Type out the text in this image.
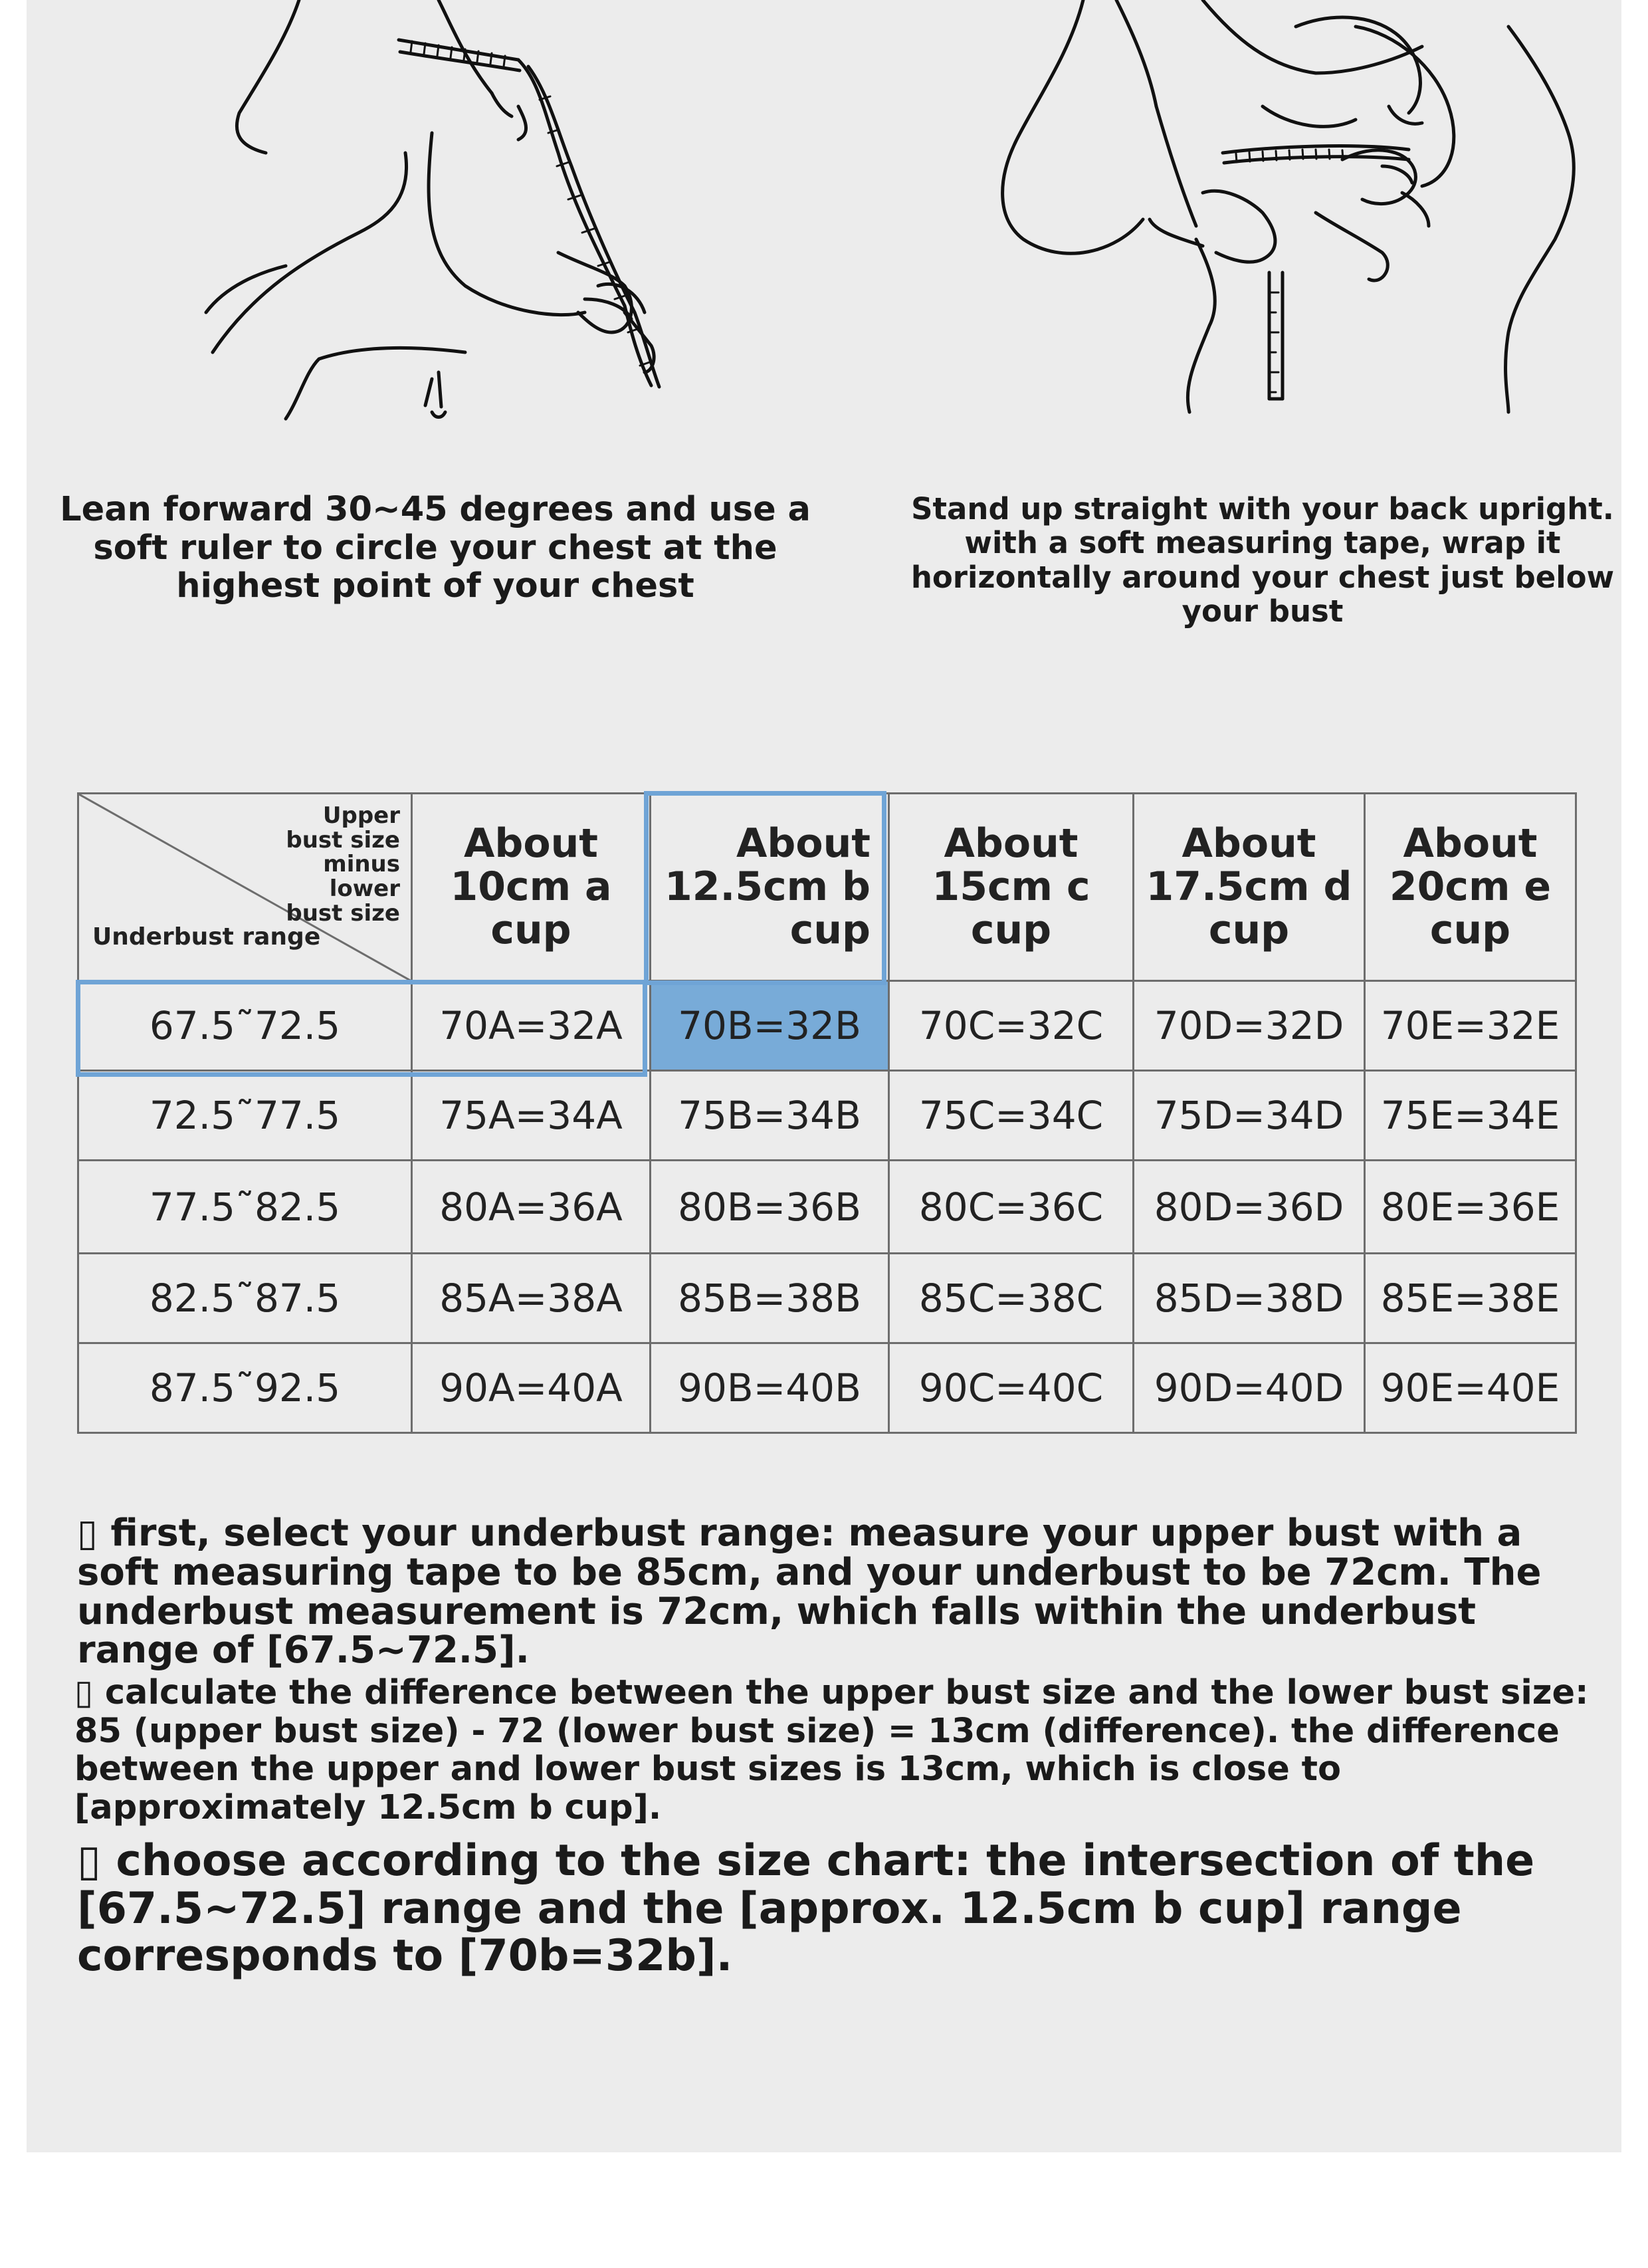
Lean forward 30~45 degrees and use a soft ruler to circle your chest at the highest point of your chest
Stand up straight with your back upright. with a soft measuring tape, wrap it horizontally around your chest just below your bust
Upper bust size minus lower bust size
Underbust range	About 10cm a cup	About 12.5cm b cup	About 15cm c cup	About 17.5cm d cup	About 20cm e cup
67.5˜72.5	70A=32A	70B=32B	70C=32C	70D=32D	70E=32E
72.5˜77.5	75A=34A	75B=34B	75C=34C	75D=34D	75E=34E
77.5˜82.5	80A=36A	80B=36B	80C=36C	80D=36D	80E=36E
82.5˜87.5	85A=38A	85B=38B	85C=38C	85D=38D	85E=38E
87.5˜92.5	90A=40A	90B=40B	90C=40C	90D=40D	90E=40E
▯ first, select your underbust range: measure your upper bust with a soft measuring tape to be 85cm, and your underbust to be 72cm. The underbust measurement is 72cm, which falls within the underbust range of [67.5~72.5].
▯ calculate the difference between the upper bust size and the lower bust size: 85 (upper bust size) - 72 (lower bust size) = 13cm (difference). the difference between the upper and lower bust sizes is 13cm, which is close to [approximately 12.5cm b cup].
▯ choose according to the size chart: the intersection of the [67.5~72.5] range and the [approx. 12.5cm b cup] range corresponds to [70b=32b].
